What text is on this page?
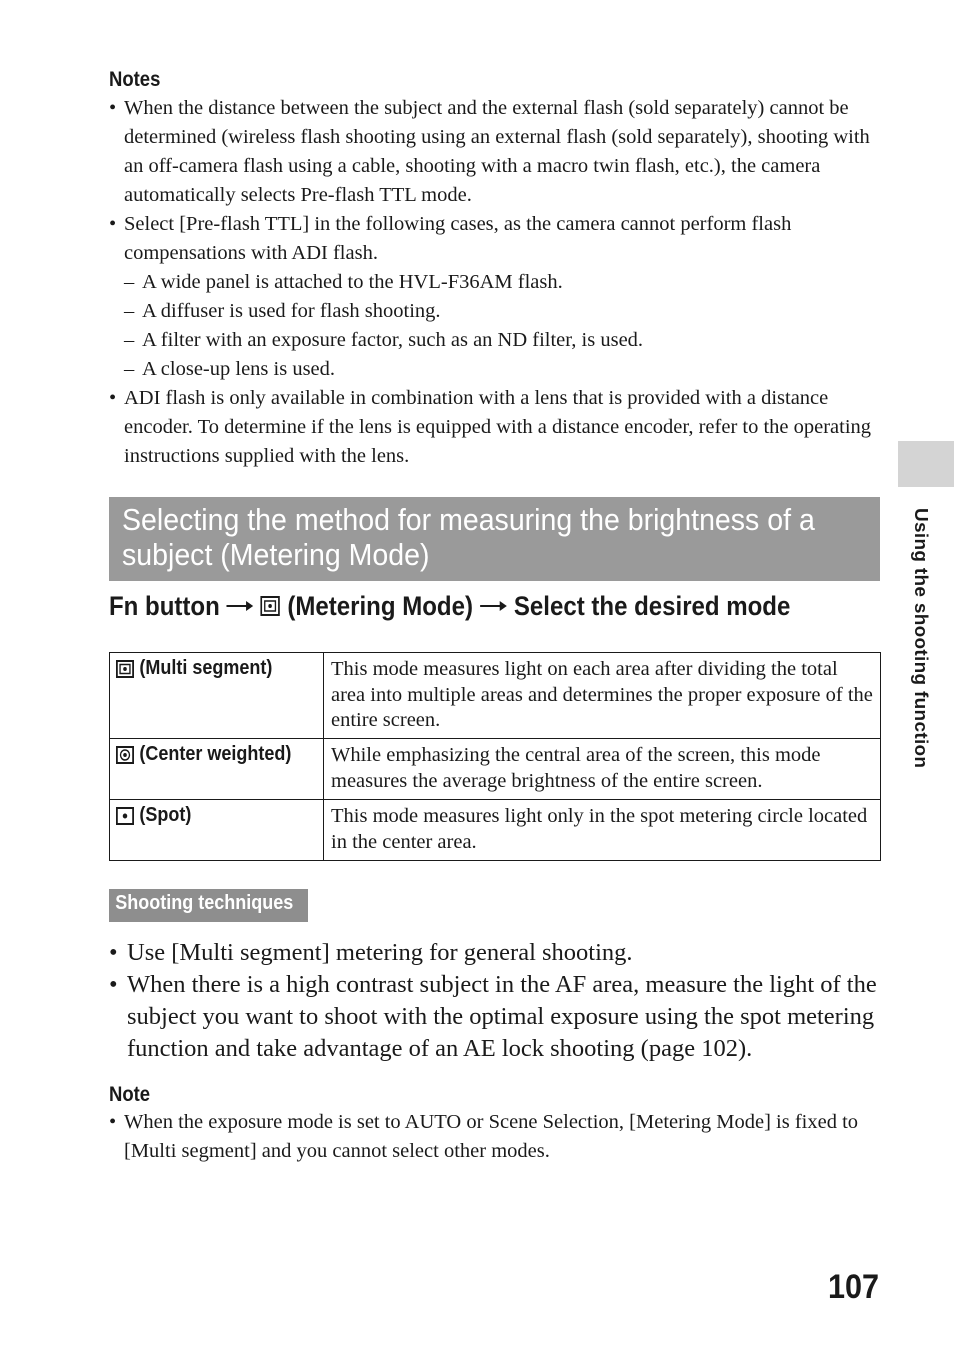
Notes
• When the distance between the subject and the external flash (sold separately) cannot be determined (wireless flash shooting using an external flash (sold separately), shooting with an off-camera flash using a cable, shooting with a macro twin flash, etc.), the camera automatically selects Pre-flash TTL mode.
• Select [Pre-flash TTL] in the following cases, as the camera cannot perform flash compensations with ADI flash.
– A wide panel is attached to the HVL-F36AM flash.
– A diffuser is used for flash shooting.
– A filter with an exposure factor, such as an ND filter, is used.
– A close-up lens is used.
• ADI flash is only available in combination with a lens that is provided with a distance encoder. To determine if the lens is equipped with a distance encoder, refer to the operating instructions supplied with the lens.
Using the shooting function
Selecting the method for measuring the brightness of a
subject (Metering Mode)
Fn button	(Metering Mode) Select the desired mode
(Multi segment)	This mode measures light on each area after dividing the total area into multiple areas and determines the proper exposure of the entire screen.

(Center weighted)	While emphasizing the central area of the screen, this mode measures the average brightness of the entire screen.

(Spot)	This mode measures light only in the spot metering circle located in the center area.
Shooting techniques
• Use [Multi segment] metering for general shooting.
• When there is a high contrast subject in the AF area, measure the light of the subject you want to shoot with the optimal exposure using the spot metering function and take advantage of an AE lock shooting (page 102).
Note
• When the exposure mode is set to AUTO or Scene Selection, [Metering Mode] is fixed to [Multi segment] and you cannot select other modes.
107
